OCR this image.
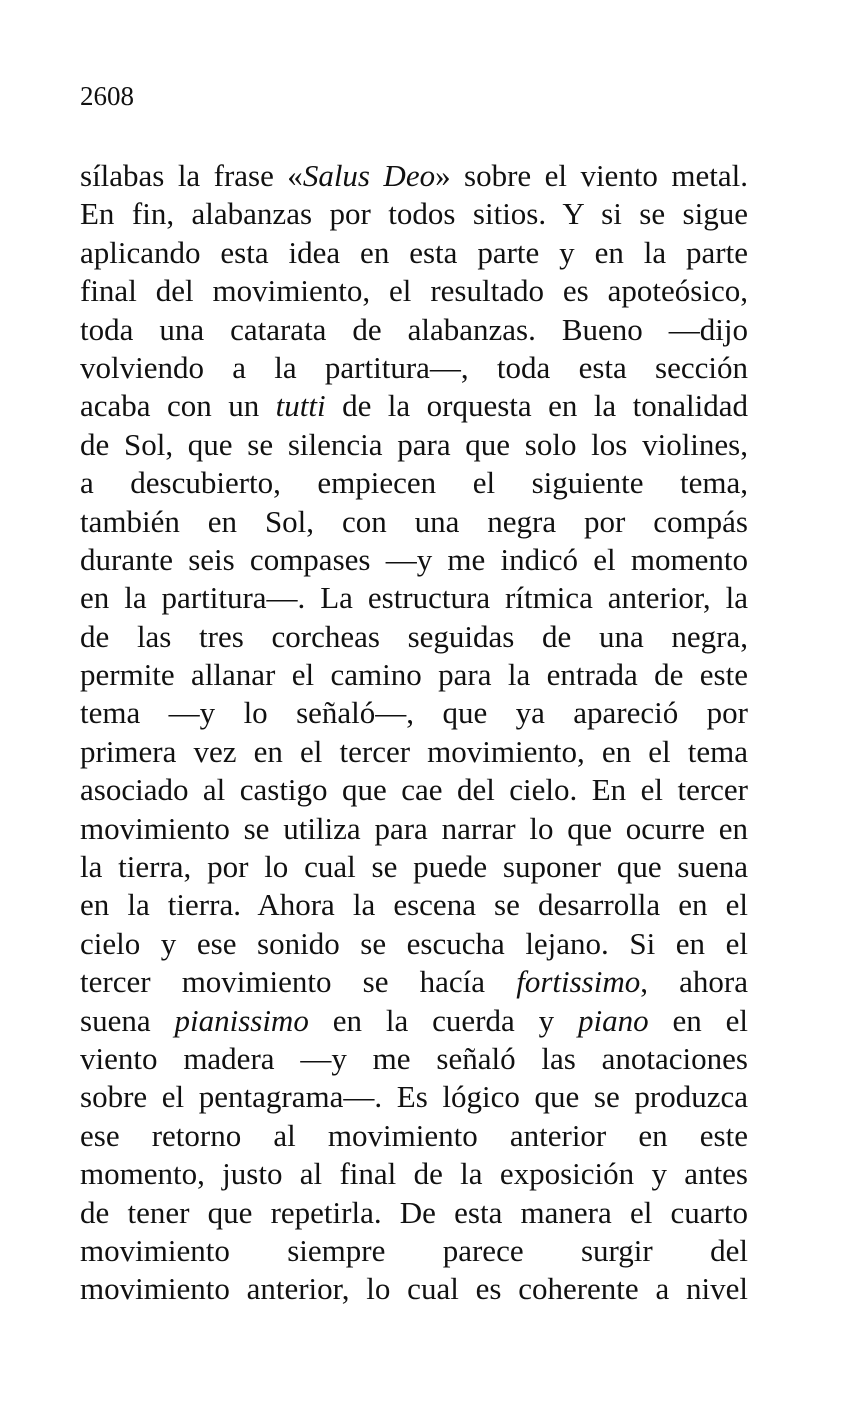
2608
sílabas la frase «Salus Deo» sobre el viento metal.
En fin, alabanzas por todos sitios. Y si se sigue
aplicando esta idea en esta parte y en la parte
final del movimiento, el resultado es apoteósico,
toda una catarata de alabanzas. Bueno —dijo
volviendo a la partitura—, toda esta sección
acaba con un tutti de la orquesta en la tonalidad
de Sol, que se silencia para que solo los violines,
a descubierto, empiecen el siguiente tema,
también en Sol, con una negra por compás
durante seis compases —y me indicó el momento
en la partitura—. La estructura rítmica anterior, la
de las tres corcheas seguidas de una negra,
permite allanar el camino para la entrada de este
tema —y lo señaló—, que ya apareció por
primera vez en el tercer movimiento, en el tema
asociado al castigo que cae del cielo. En el tercer
movimiento se utiliza para narrar lo que ocurre en
la tierra, por lo cual se puede suponer que suena
en la tierra. Ahora la escena se desarrolla en el
cielo y ese sonido se escucha lejano. Si en el
tercer movimiento se hacía fortissimo, ahora
suena pianissimo en la cuerda y piano en el
viento madera —y me señaló las anotaciones
sobre el pentagrama—. Es lógico que se produzca
ese retorno al movimiento anterior en este
momento, justo al final de la exposición y antes
de tener que repetirla. De esta manera el cuarto
movimiento siempre parece surgir del
movimiento anterior, lo cual es coherente a nivel
